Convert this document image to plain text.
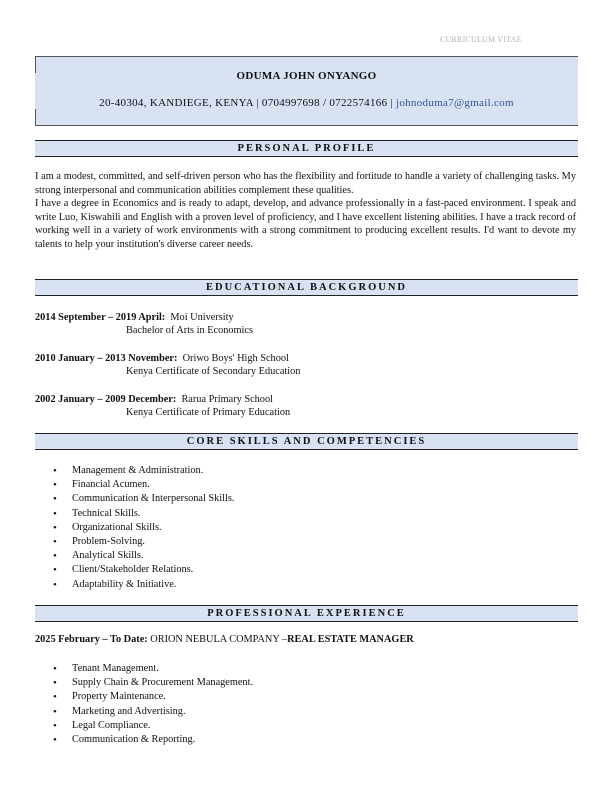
CURRICULUM VITAE
ODUMA JOHN ONYANGO
20-40304, KANDIEGE, KENYA | 0704997698 / 0722574166 | johnoduma7@gmail.com
PERSONAL PROFILE

I am a modest, committed, and self-driven person who has the flexibility and fortitude to handle a variety of challenging tasks. My strong interpersonal and communication abilities complement these qualities.

I have a degree in Economics and is ready to adapt, develop, and advance professionally in a fast-paced environment. I speak and write Luo, Kiswahili and English with a proven level of proficiency, and I have excellent listening abilities. I have a track record of working well in a variety of work environments with a strong commitment to producing excellent results. I'd want to devote my talents to help your institution's diverse career needs.

EDUCATIONAL BACKGROUND
2014 September – 2019 April: Moi University
Bachelor of Arts in Economics
2010 January – 2013 November: Oriwo Boys' High School
Kenya Certificate of Secondary Education
2002 January – 2009 December: Rarua Primary School
Kenya Certificate of Primary Education
CORE SKILLS AND COMPETENCIES
• Management & Administration.
• Financial Acumen.
• Communication & Interpersonal Skills.
• Technical Skills.
• Organizational Skills.
• Problem-Solving.
• Analytical Skills.
• Client/Stakeholder Relations.
• Adaptability & Initiative.
PROFESSIONAL EXPERIENCE
2025 February – To Date: ORION NEBULA COMPANY –REAL ESTATE MANAGER
• Tenant Management.
• Supply Chain & Procurement Management.
• Property Maintenance.
• Marketing and Advertising.
• Legal Compliance.
• Communication & Reporting.
